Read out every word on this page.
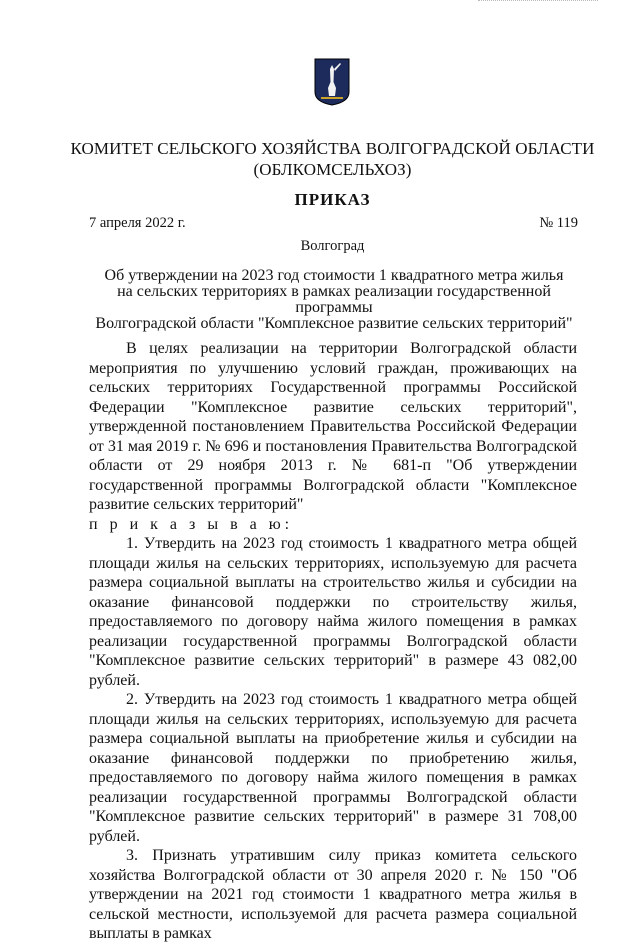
КОМИТЕТ СЕЛЬСКОГО ХОЗЯЙСТВА ВОЛГОГРАДСКОЙ ОБЛАСТИ
(ОБЛКОМСЕЛЬХОЗ)
ПРИКАЗ
7 апреля 2022 г.	№ 119
Волгоград
Об утверждении на 2023 год стоимости 1 квадратного метра жилья
на сельских территориях в рамках реализации государственной программы
Волгоградской области "Комплексное развитие сельских территорий"

В целях реализации на территории Волгоградской области мероприятия по улучшению условий граждан, проживающих на сельских территориях Государственной программы Российской Федерации "Комплексное развитие сельских территорий", утвержденной постановлением Правительства Российской Федерации от 31 мая 2019 г. № 696 и постановления Правительства Волгоградской области от 29 ноября 2013 г. № 681-п "Об утверждении государственной программы Волгоградской области "Комплексное развитие сельских территорий"

п р и к а з ы в а ю:

1. Утвердить на 2023 год стоимость 1 квадратного метра общей площади жилья на сельских территориях, используемую для расчета размера социальной выплаты на строительство жилья и субсидии на оказание финансовой поддержки по строительству жилья, предоставляемого по договору найма жилого помещения в рамках реализации государственной программы Волгоградской области "Комплексное развитие сельских территорий" в размере 43 082,00 рублей.

2. Утвердить на 2023 год стоимость 1 квадратного метра общей площади жилья на сельских территориях, используемую для расчета размера социальной выплаты на приобретение жилья и субсидии на оказание финансовой поддержки по приобретению жилья, предоставляемого по договору найма жилого помещения в рамках реализации государственной программы Волгоградской области "Комплексное развитие сельских территорий" в размере 31 708,00 рублей.

3. Признать утратившим силу приказ комитета сельского хозяйства Волгоградской области от 30 апреля 2020 г. № 150 "Об утверждении на 2021 год стоимости 1 квадратного метра жилья в сельской местности, используемой для расчета размера социальной выплаты в рамках
